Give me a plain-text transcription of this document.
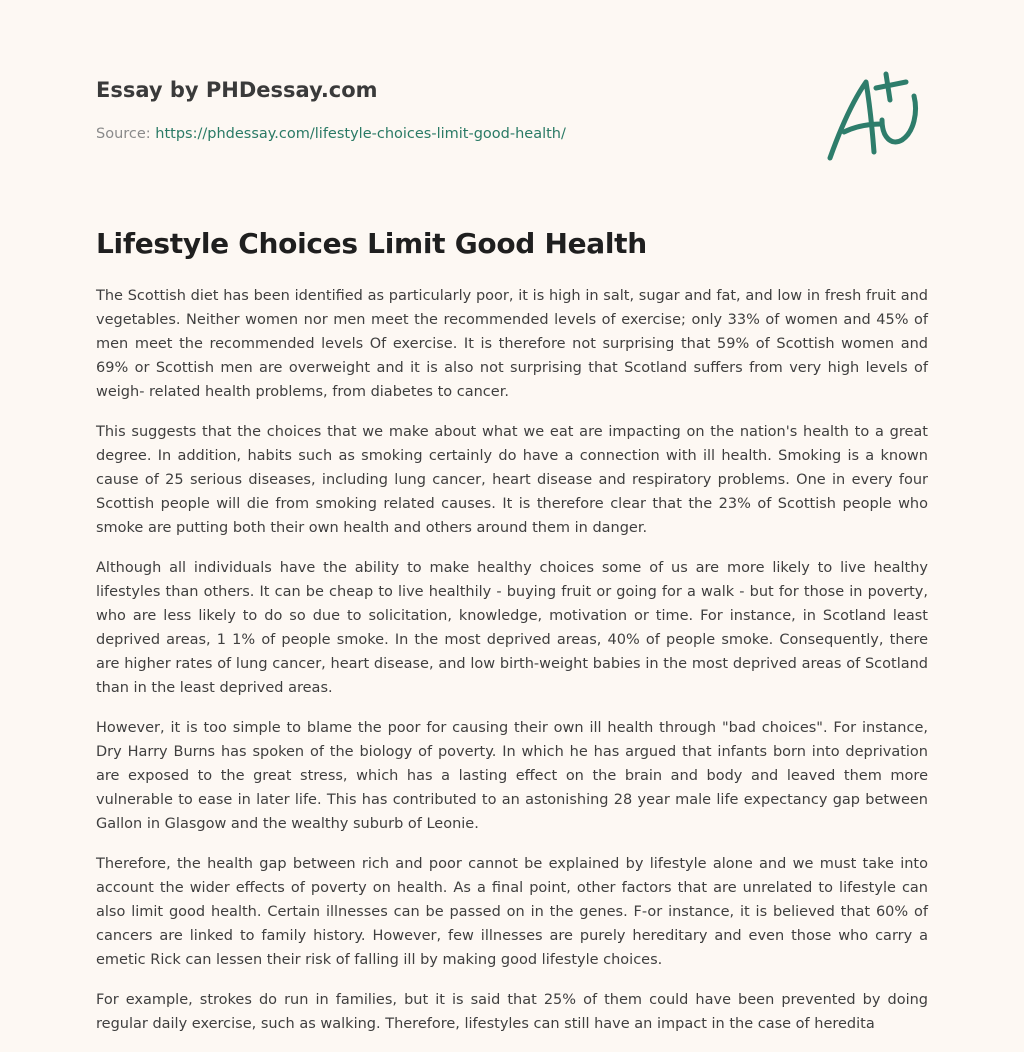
Essay by PHDessay.com
Source: https://phdessay.com/lifestyle-choices-limit-good-health/
Lifestyle Choices Limit Good Health

The Scottish diet has been identified as particularly poor, it is high in salt, sugar and fat, and low in fresh fruit and vegetables. Neither women nor men meet the recommended levels of exercise; only 33% of women and 45% of men meet the recommended levels Of exercise. It is therefore not surprising that 59% of Scottish women and 69% or Scottish men are overweight and it is also not surprising that Scotland suffers from very high levels of weigh- related health problems, from diabetes to cancer.

This suggests that the choices that we make about what we eat are impacting on the nation's health to a great degree. In addition, habits such as smoking certainly do have a connection with ill health. Smoking is a known cause of 25 serious diseases, including lung cancer, heart disease and respiratory problems. One in every four Scottish people will die from smoking related causes. It is therefore clear that the 23% of Scottish people who smoke are putting both their own health and others around them in danger.

Although all individuals have the ability to make healthy choices some of us are more likely to live healthy lifestyles than others. It can be cheap to live healthily - buying fruit or going for a walk - but for those in poverty, who are less likely to do so due to solicitation, knowledge, motivation or time. For instance, in Scotland least deprived areas, 1 1% of people smoke. In the most deprived areas, 40% of people smoke. Consequently, there are higher rates of lung cancer, heart disease, and low birth-weight babies in the most deprived areas of Scotland than in the least deprived areas.

However, it is too simple to blame the poor for causing their own ill health through "bad choices". For instance, Dry Harry Burns has spoken of the biology of poverty. In which he has argued that infants born into deprivation are exposed to the great stress, which has a lasting effect on the brain and body and leaved them more vulnerable to ease in later life. This has contributed to an astonishing 28 year male life expectancy gap between Gallon in Glasgow and the wealthy suburb of Leonie.

Therefore, the health gap between rich and poor cannot be explained by lifestyle alone and we must take into account the wider effects of poverty on health. As a final point, other factors that are unrelated to lifestyle can also limit good health. Certain illnesses can be passed on in the genes. F-or instance, it is believed that 60% of cancers are linked to family history. However, few illnesses are purely hereditary and even those who carry a emetic Rick can lessen their risk of falling ill by making good lifestyle choices.

For example, strokes do run in families, but it is said that 25% of them could have been prevented by doing regular daily exercise, such as walking. Therefore, lifestyles can still have an impact in the case of heredita
